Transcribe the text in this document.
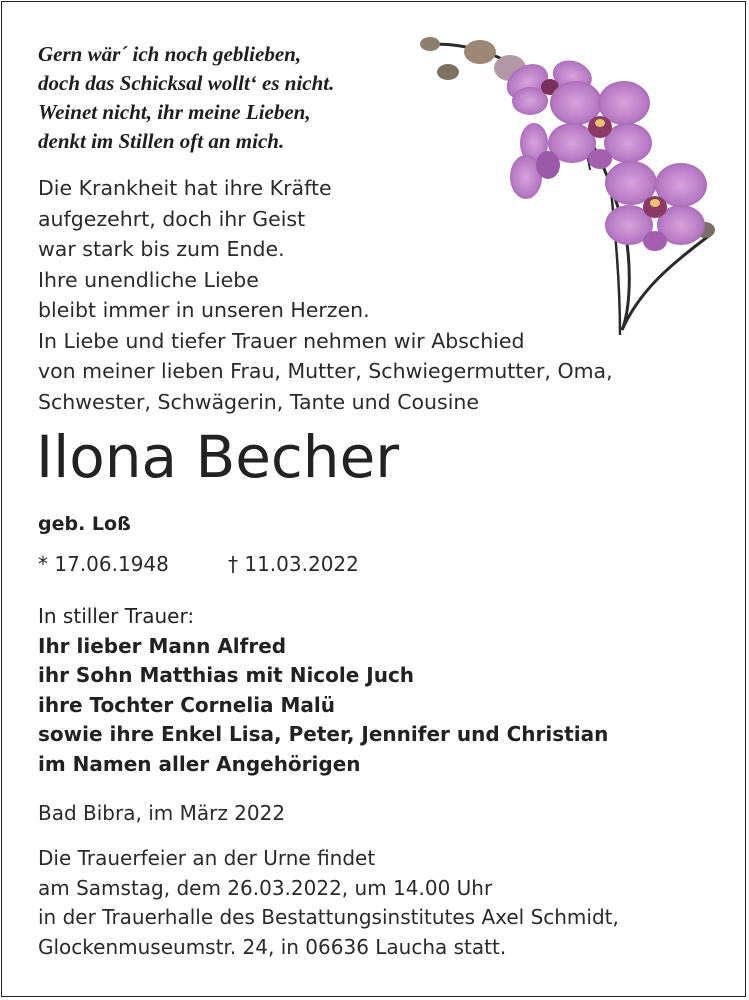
Gern wär´ ich noch geblieben,
doch das Schicksal wollt‘ es nicht.
Weinet nicht, ihr meine Lieben,
denkt im Stillen oft an mich.
Die Krankheit hat ihre Kräfte
aufgezehrt, doch ihr Geist
war stark bis zum Ende.
Ihre unendliche Liebe
bleibt immer in unseren Herzen.
In Liebe und tiefer Trauer nehmen wir Abschied
von meiner lieben Frau, Mutter, Schwiegermutter, Oma,
Schwester, Schwägerin, Tante und Cousine
Ilona Becher
geb. Loß
* 17.06.1948	† 11.03.2022
In stiller Trauer:
Ihr lieber Mann Alfred
ihr Sohn Matthias mit Nicole Juch
ihre Tochter Cornelia Malü
sowie ihre Enkel Lisa, Peter, Jennifer und Christian
im Namen aller Angehörigen
Bad Bibra, im März 2022
Die Trauerfeier an der Urne findet
am Samstag, dem 26.03.2022, um 14.00 Uhr
in der Trauerhalle des Bestattungsinstitutes Axel Schmidt,
Glockenmuseumstr. 24, in 06636 Laucha statt.
